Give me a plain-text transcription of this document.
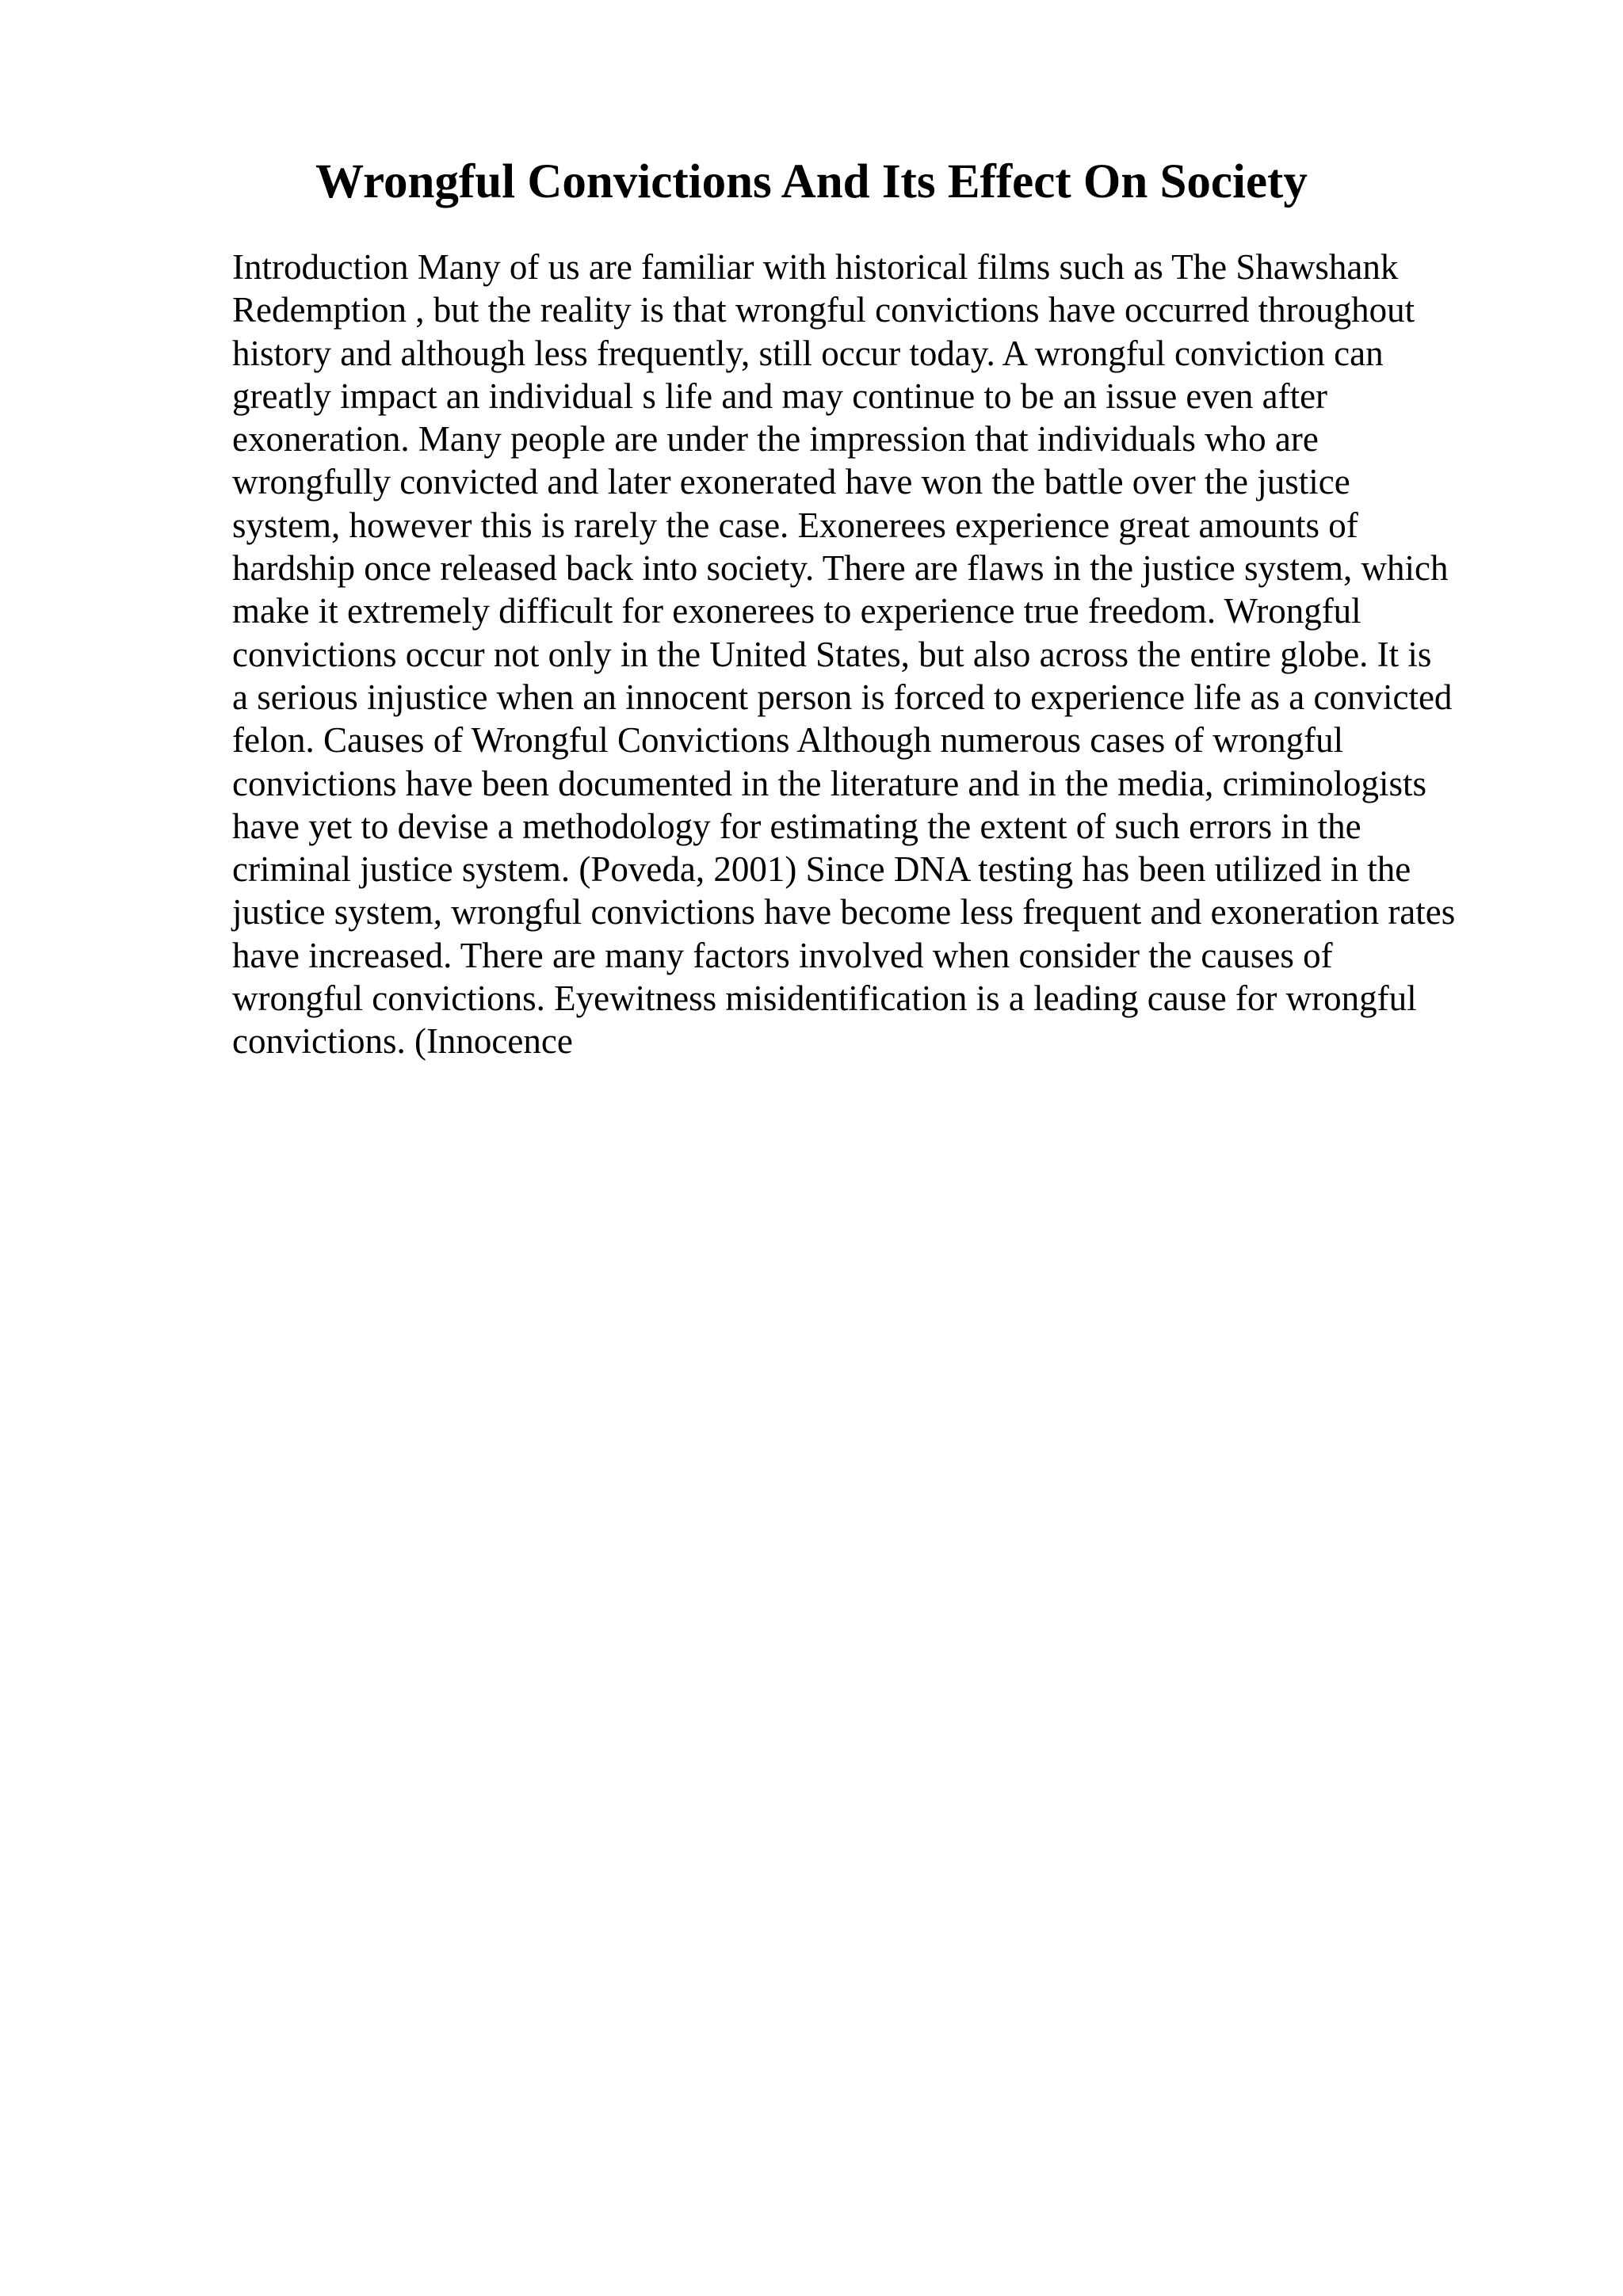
Wrongful Convictions And Its Effect On Society
Introduction Many of us are familiar with historical films such as The Shawshank
Redemption , but the reality is that wrongful convictions have occurred throughout
history and although less frequently, still occur today. A wrongful conviction can
greatly impact an individual s life and may continue to be an issue even after
exoneration. Many people are under the impression that individuals who are
wrongfully convicted and later exonerated have won the battle over the justice
system, however this is rarely the case. Exonerees experience great amounts of
hardship once released back into society. There are flaws in the justice system, which
make it extremely difficult for exonerees to experience true freedom. Wrongful
convictions occur not only in the United States, but also across the entire globe. It is
a serious injustice when an innocent person is forced to experience life as a convicted
felon. Causes of Wrongful Convictions Although numerous cases of wrongful
convictions have been documented in the literature and in the media, criminologists
have yet to devise a methodology for estimating the extent of such errors in the
criminal justice system. (Poveda, 2001) Since DNA testing has been utilized in the
justice system, wrongful convictions have become less frequent and exoneration rates
have increased. There are many factors involved when consider the causes of
wrongful convictions. Eyewitness misidentification is a leading cause for wrongful
convictions. (Innocence
